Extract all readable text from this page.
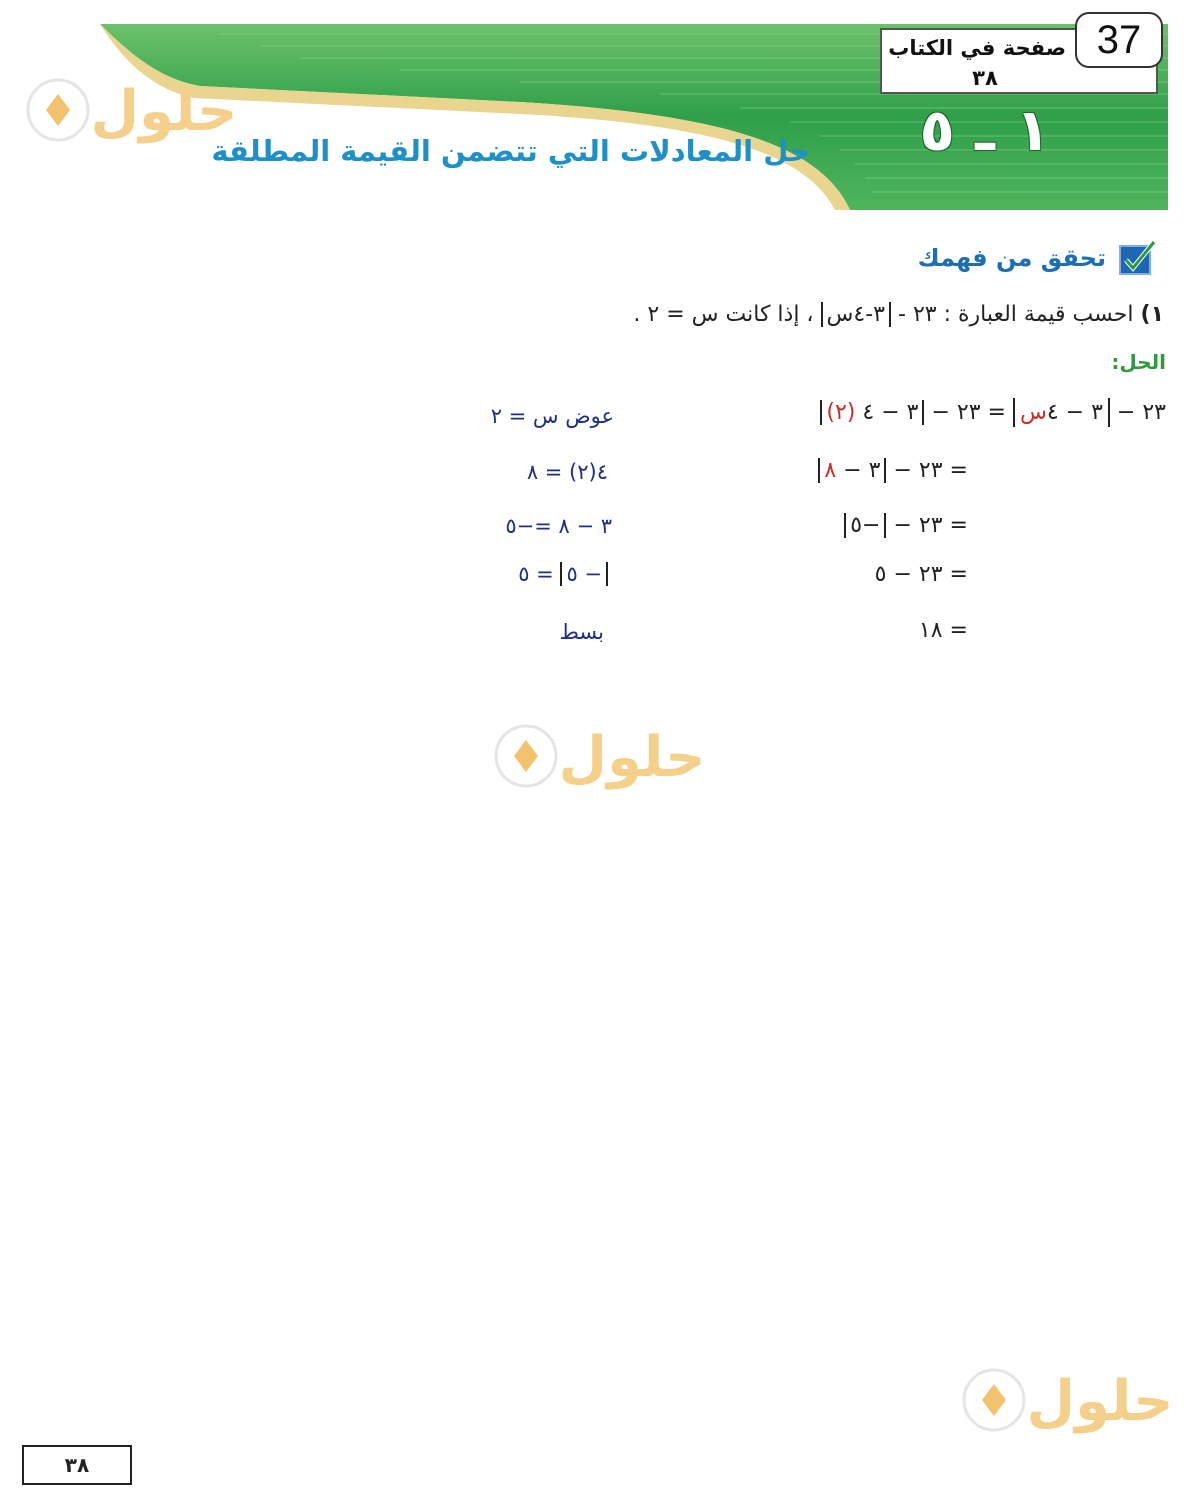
صفحة في الكتاب
٣٨
37
١ ـ ٥
حل المعادلات التي تتضمن القيمة المطلقة
حلول
حلول
حلول
تحقق من فهمك
١) احسب قيمة العبارة : ٢٣ - ٣-٤س ، إذا كانت س = ٢ .
الحل:
٢٣ − ٣ − ٤س = ٢٣ − ٣ − ٤ (٢)
عوض س = ٢
= ٢٣ − ٣ − ٨
٤(٢) = ٨
= ٢٣ − −٥
٣ − ٨ =−٥
= ٢٣ − ٥
− ٥ = ٥
= ١٨
بسط
٣٨
